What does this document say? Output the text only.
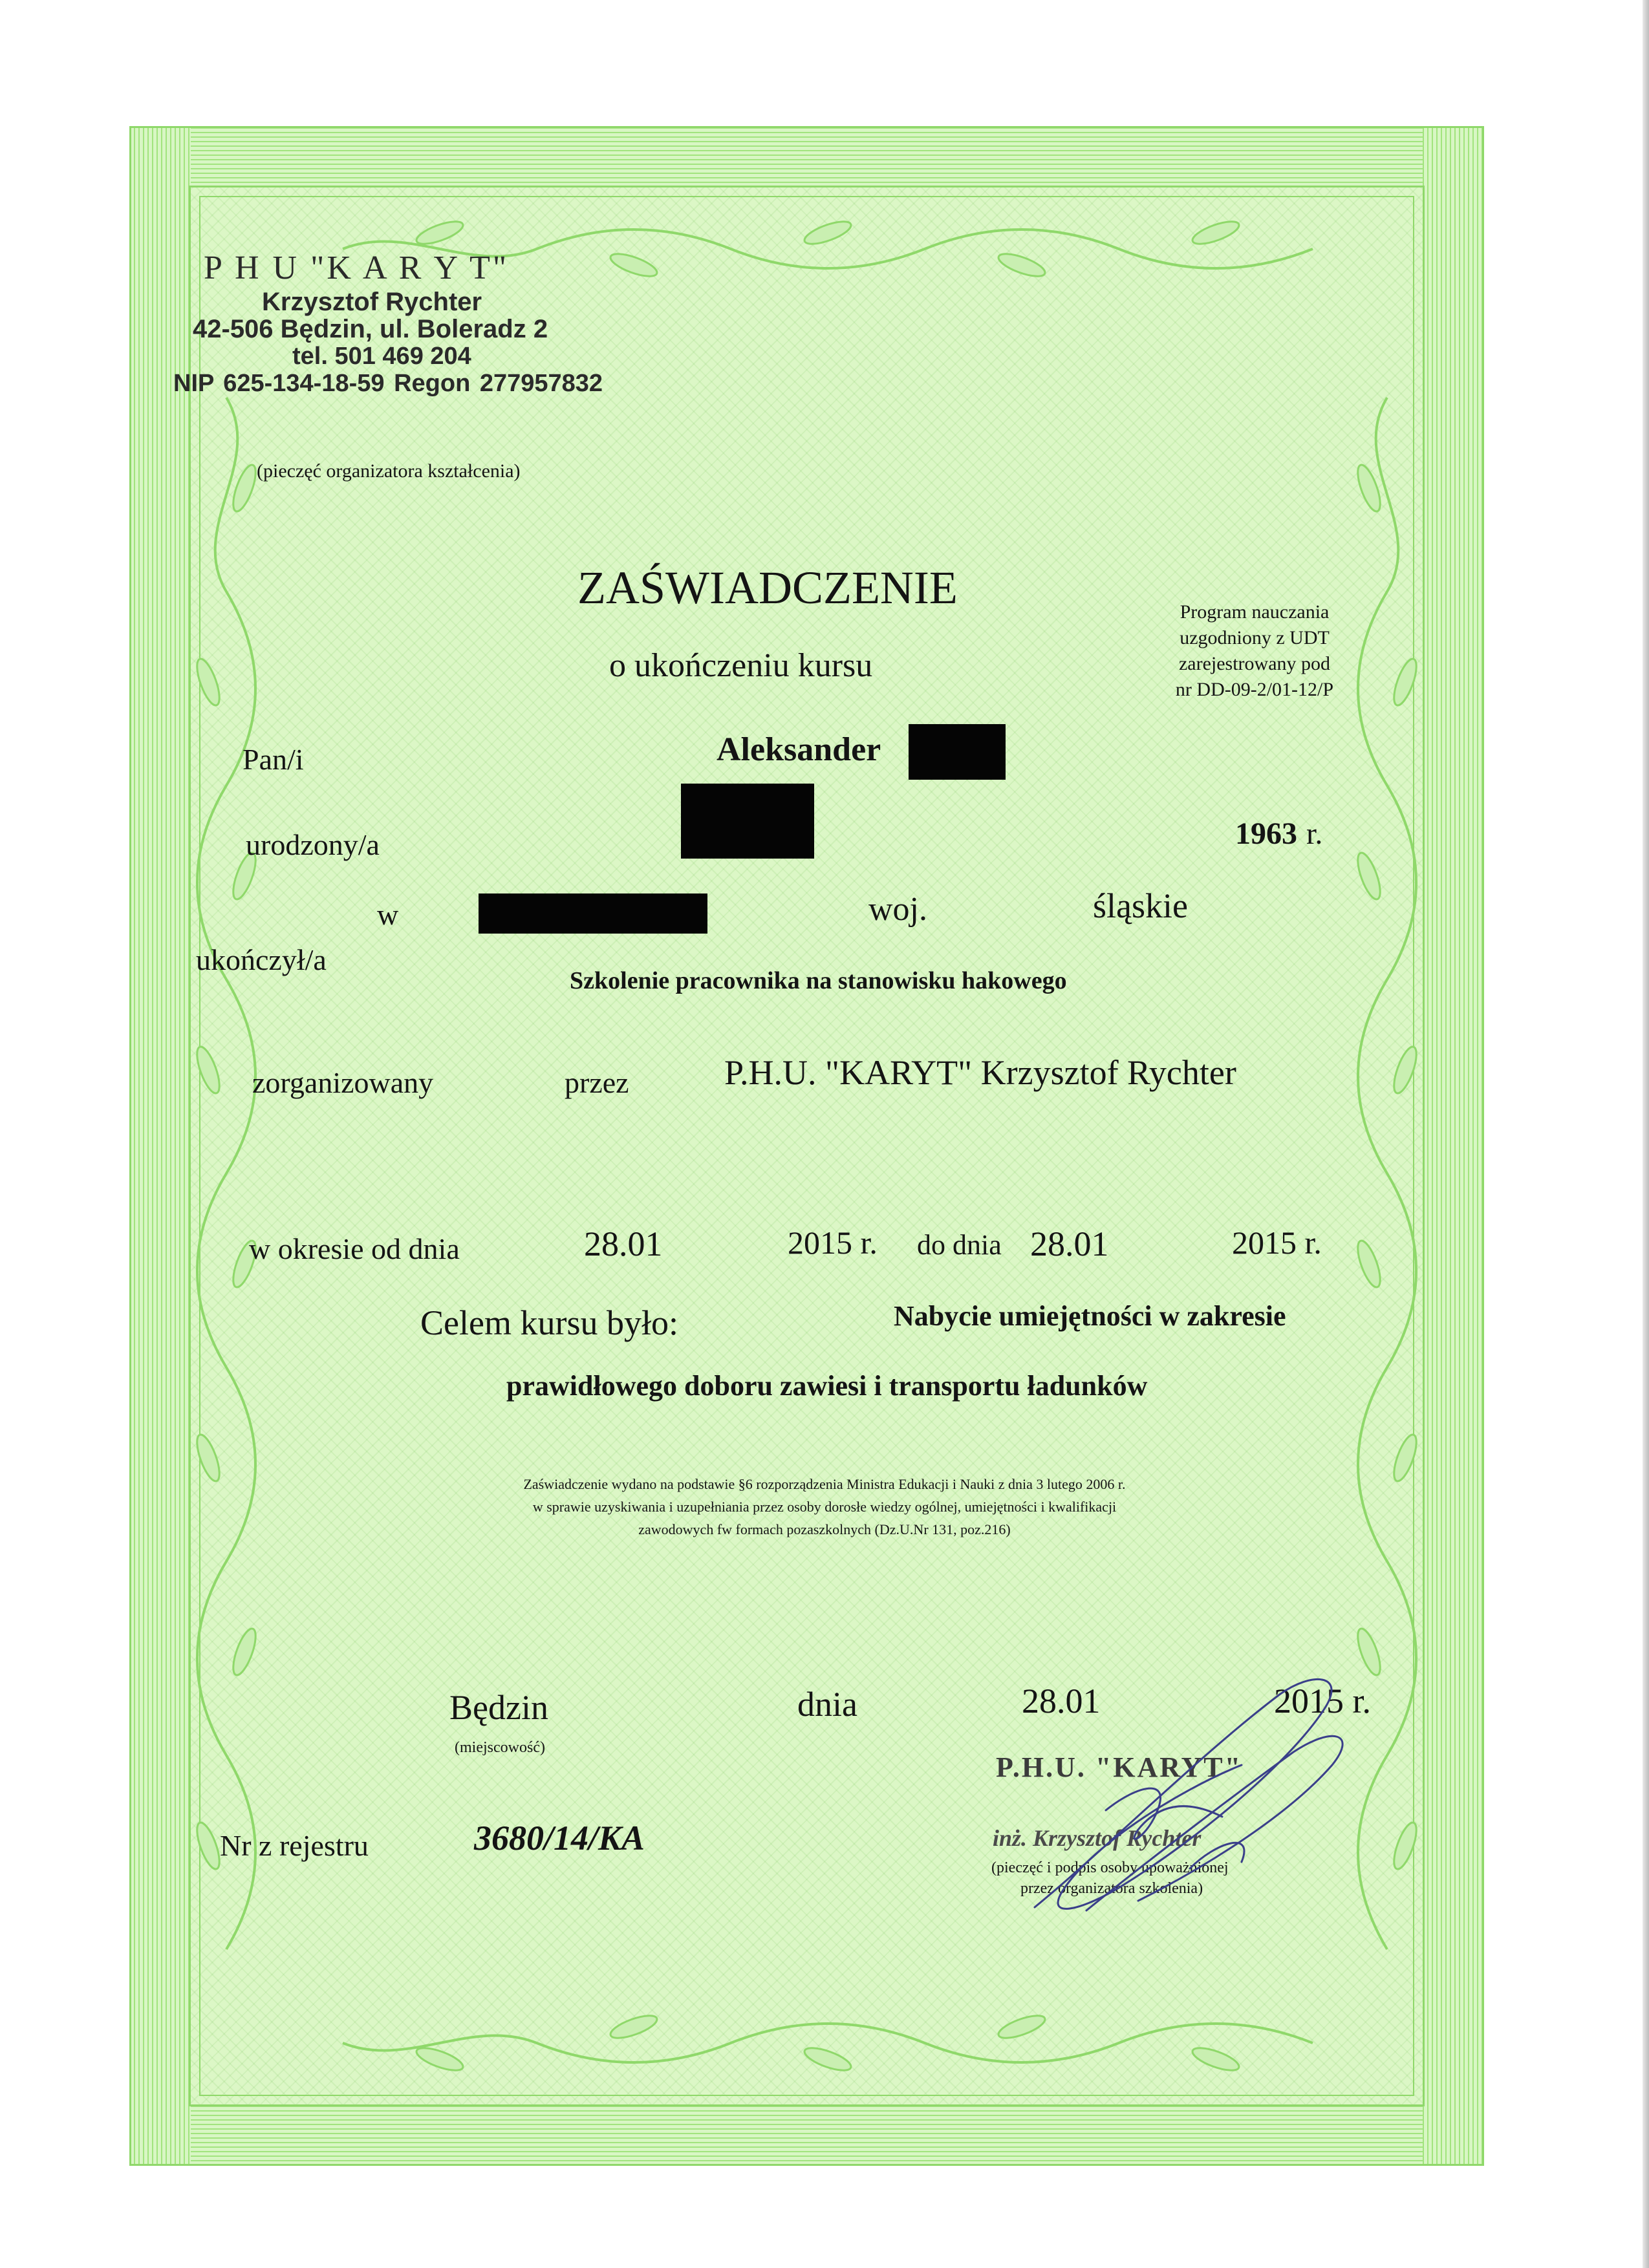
P H U "K A R Y T"
Krzysztof Rychter
42-506 Będzin, ul. Boleradz 2
tel. 501 469 204
NIP 625-134-18-59 Regon 277957832
(pieczęć organizatora kształcenia)
ZAŚWIADCZENIE
o ukończeniu kursu
Program nauczania
uzgodniony z UDT
zarejestrowany pod
nr DD-09-2/01-12/P
Pan/i	Aleksander
urodzony/a	1963 r.
w	woj.	śląskie
ukończył/a
Szkolenie pracownika na stanowisku hakowego
zorganizowany	przez	P.H.U. "KARYT" Krzysztof Rychter
w okresie od dnia	28.01	2015 r. do dnia 28.01	2015 r.
Celem kursu było:	Nabycie umiejętności w zakresie
prawidłowego doboru zawiesi i transportu ładunków
Zaświadczenie wydano na podstawie §6 rozporządzenia Ministra Edukacji i Nauki z dnia 3 lutego 2006 r.
w sprawie uzyskiwania i uzupełniania przez osoby dorosłe wiedzy ogólnej, umiejętności i kwalifikacji
zawodowych fw formach pozaszkolnych (Dz.U.Nr 131, poz.216)
Będzin
(miejscowość)
dnia	28.01	2015 r.
Nr z rejestru	3680/14/KA
P.H.U. "KARYT"
inż. Krzysztof Rychter
(pieczęć i podpis osoby upoważnionej
przez organizatora szkolenia)
